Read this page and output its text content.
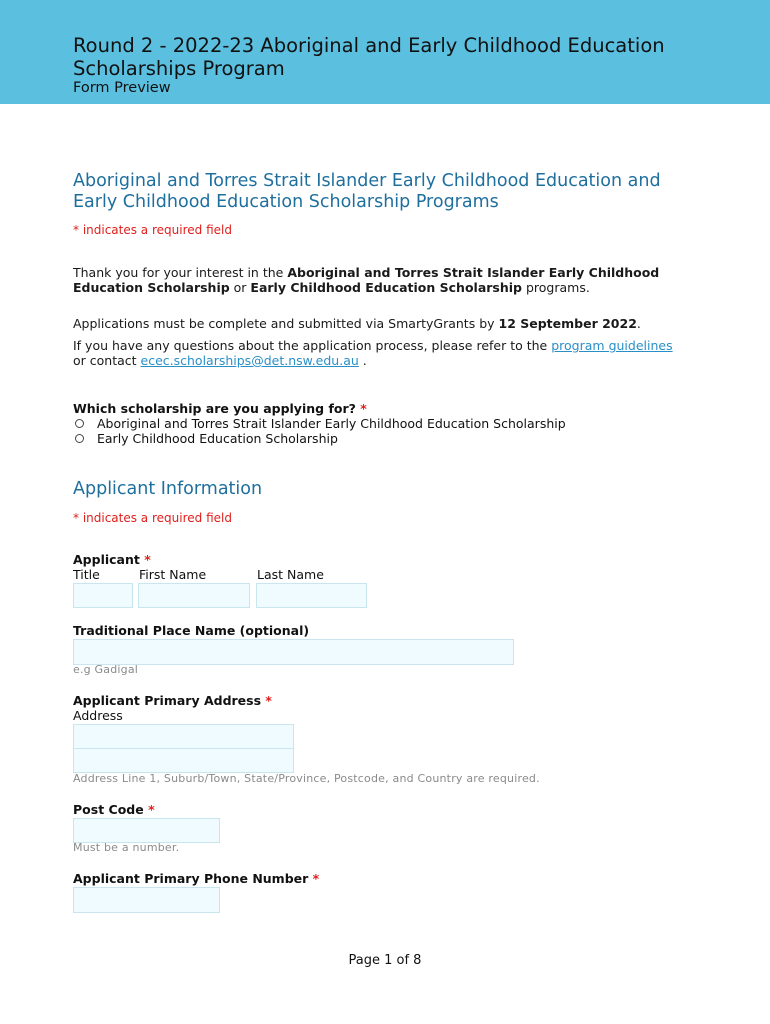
Round 2 - 2022-23 Aboriginal and Early Childhood Education Scholarships Program
Form Preview
Aboriginal and Torres Strait Islander Early Childhood Education and Early Childhood Education Scholarship Programs
* indicates a required field
Thank you for your interest in the Aboriginal and Torres Strait Islander Early Childhood Education Scholarship or Early Childhood Education Scholarship programs.
Applications must be complete and submitted via SmartyGrants by 12 September 2022.
If you have any questions about the application process, please refer to the program guidelines or contact ecec.scholarships@det.nsw.edu.au .
Which scholarship are you applying for? *
Aboriginal and Torres Strait Islander Early Childhood Education Scholarship
Early Childhood Education Scholarship
Applicant Information
* indicates a required field
Applicant *
Title	First Name	Last Name
Traditional Place Name (optional)
e.g Gadigal
Applicant Primary Address *
Address
Address Line 1, Suburb/Town, State/Province, Postcode, and Country are required.
Post Code *
Must be a number.
Applicant Primary Phone Number *
Page 1 of 8
